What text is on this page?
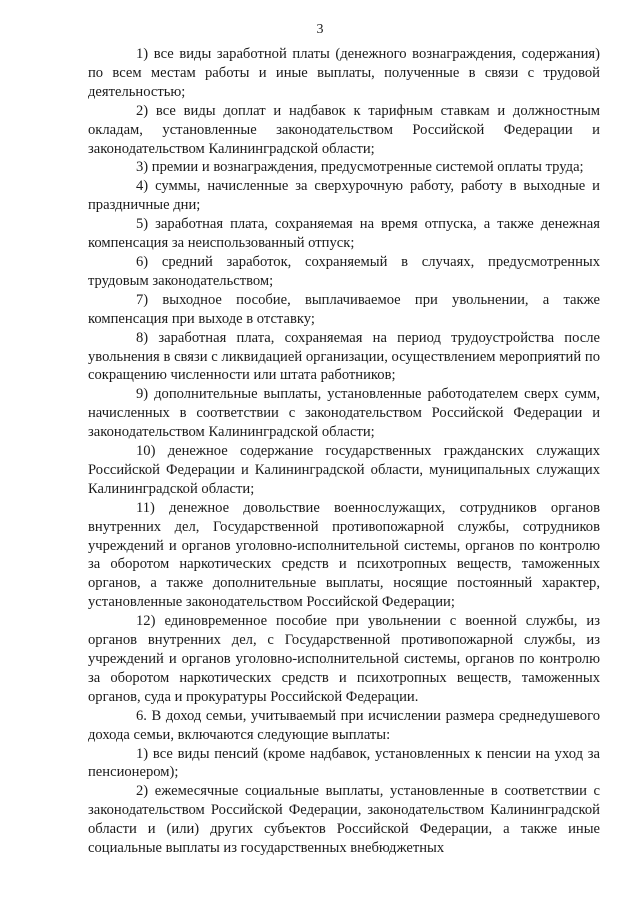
3

1) все виды заработной платы (денежного вознаграждения, содержания) по всем местам работы и иные выплаты, полученные в связи с трудовой деятельностью;

2) все виды доплат и надбавок к тарифным ставкам и должностным окладам, установленные законодательством Российской Федерации и законодательством Калининградской области;

3) премии и вознаграждения, предусмотренные системой оплаты труда;

4) суммы, начисленные за сверхурочную работу, работу в выходные и праздничные дни;

5) заработная плата, сохраняемая на время отпуска, а также денежная компенсация за неиспользованный отпуск;

6) средний заработок, сохраняемый в случаях, предусмотренных трудовым законодательством;

7) выходное пособие, выплачиваемое при увольнении, а также компенсация при выходе в отставку;

8) заработная плата, сохраняемая на период трудоустройства после увольнения в связи с ликвидацией организации, осуществлением мероприятий по сокращению численности или штата работников;

9) дополнительные выплаты, установленные работодателем сверх сумм, начисленных в соответствии с законодательством Российской Федерации и законодательством Калининградской области;

10) денежное содержание государственных гражданских служащих Российской Федерации и Калининградской области, муниципальных служащих Калининградской области;

11) денежное довольствие военнослужащих, сотрудников органов внутренних дел, Государственной противопожарной службы, сотрудников учреждений и органов уголовно-исполнительной системы, органов по контролю за оборотом наркотических средств и психотропных веществ, таможенных органов, а также дополнительные выплаты, носящие постоянный характер, установленные законодательством Российской Федерации;

12) единовременное пособие при увольнении с военной службы, из органов внутренних дел, с Государственной противопожарной службы, из учреждений и органов уголовно-исполнительной системы, органов по контролю за оборотом наркотических средств и психотропных веществ, таможенных органов, суда и прокуратуры Российской Федерации.

6. В доход семьи, учитываемый при исчислении размера среднедушевого дохода семьи, включаются следующие выплаты:

1) все виды пенсий (кроме надбавок, установленных к пенсии на уход за пенсионером);

2) ежемесячные социальные выплаты, установленные в соответствии с законодательством Российской Федерации, законодательством Калининградской области и (или) других субъектов Российской Федерации, а также иные социальные выплаты из государственных внебюджетных
